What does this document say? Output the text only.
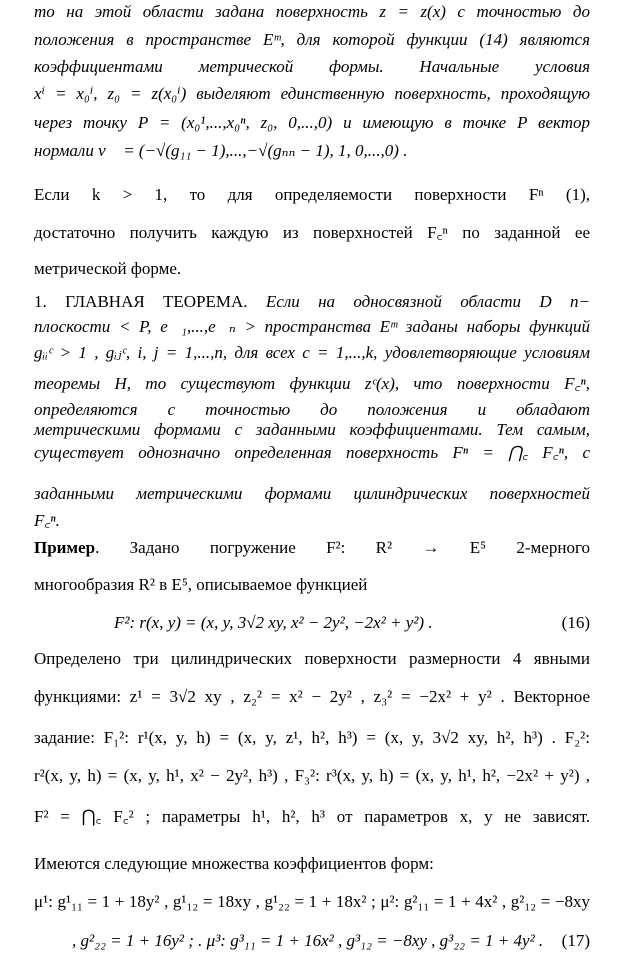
то на этой области задана поверхность z = z(x) с точностью до
положения в пространстве Eᵐ, для которой функции (14) являются
коэффициентами метрической формы. Начальные условия
xⁱ = x₀ⁱ, z₀ = z(x₀ⁱ) выделяют единственную поверхность, проходящую
через точку P = (x₀¹,...,x₀ⁿ, z₀, 0,...,0) и имеющую в точке P вектор
нормали ν⃗ = (−√(g₁₁ − 1),...,−√(gₙₙ − 1), 1, 0,...,0) .
Если k > 1, то для определяемости поверхности Fⁿ (1),
достаточно получить каждую из поверхностей F꜀ⁿ по заданной ее
метрической форме.
1. ГЛАВНАЯ ТЕОРЕМА. Если на односвязной области D n−
плоскости < P, e⃗₁,...,e⃗ₙ > пространства Eᵐ заданы наборы функций
gᵢᵢᶜ > 1 , gᵢⱼᶜ, i, j = 1,...,n, для всех c = 1,...,k, удовлетворяющие условиям
теоремы Н, то существуют функции zᶜ(x), что поверхности F꜀ⁿ,
определяются с точностью до положения и обладают
метрическими формами с заданными коэффициентами. Тем самым,
существует однозначно определенная поверхность Fⁿ = ⋂꜀ F꜀ⁿ, с
заданными метрическими формами цилиндрических поверхностей
F꜀ⁿ.
Пример. Задано погружение F²: R² → E⁵ 2-мерного
многообразия R² в E⁵, описываемое функцией
F²: r(x, y) = (x, y, 3√2 xy, x² − 2y², −2x² + y²) .	(16)
Определено три цилиндрических поверхности размерности 4 явными
функциями: z¹ = 3√2 xy , z₂² = x² − 2y² , z₃² = −2x² + y² . Векторное
задание: F₁²: r¹(x, y, h) = (x, y, z¹, h², h³) = (x, y, 3√2 xy, h², h³) . F₂²:
r²(x, y, h) = (x, y, h¹, x² − 2y², h³) , F₃²: r³(x, y, h) = (x, y, h¹, h², −2x² + y²) ,
F² = ⋂꜀ F꜀² ; параметры h¹, h², h³ от параметров x, y не зависят.
Имеются следующие множества коэффициентов форм:
μ¹: g¹₁₁ = 1 + 18y² , g¹₁₂ = 18xy , g¹₂₂ = 1 + 18x² ; μ²: g²₁₁ = 1 + 4x² , g²₁₂ = −8xy
, g²₂₂ = 1 + 16y² ; . μ³: g³₁₁ = 1 + 16x² , g³₁₂ = −8xy , g³₂₂ = 1 + 4y² . (17)
